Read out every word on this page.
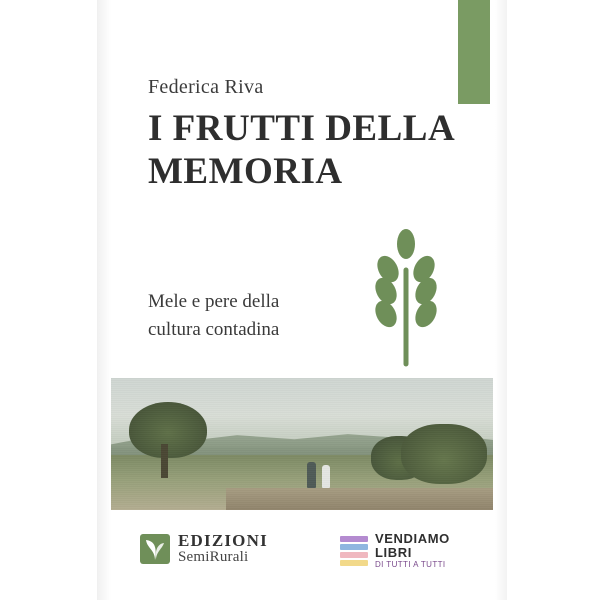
Federica Riva
I FRUTTI DELLA
MEMORIA
Mele e pere della
cultura contadina
EDIZIONI
SemiRurali
VENDIAMO
LIBRI
DI TUTTI A TUTTI
